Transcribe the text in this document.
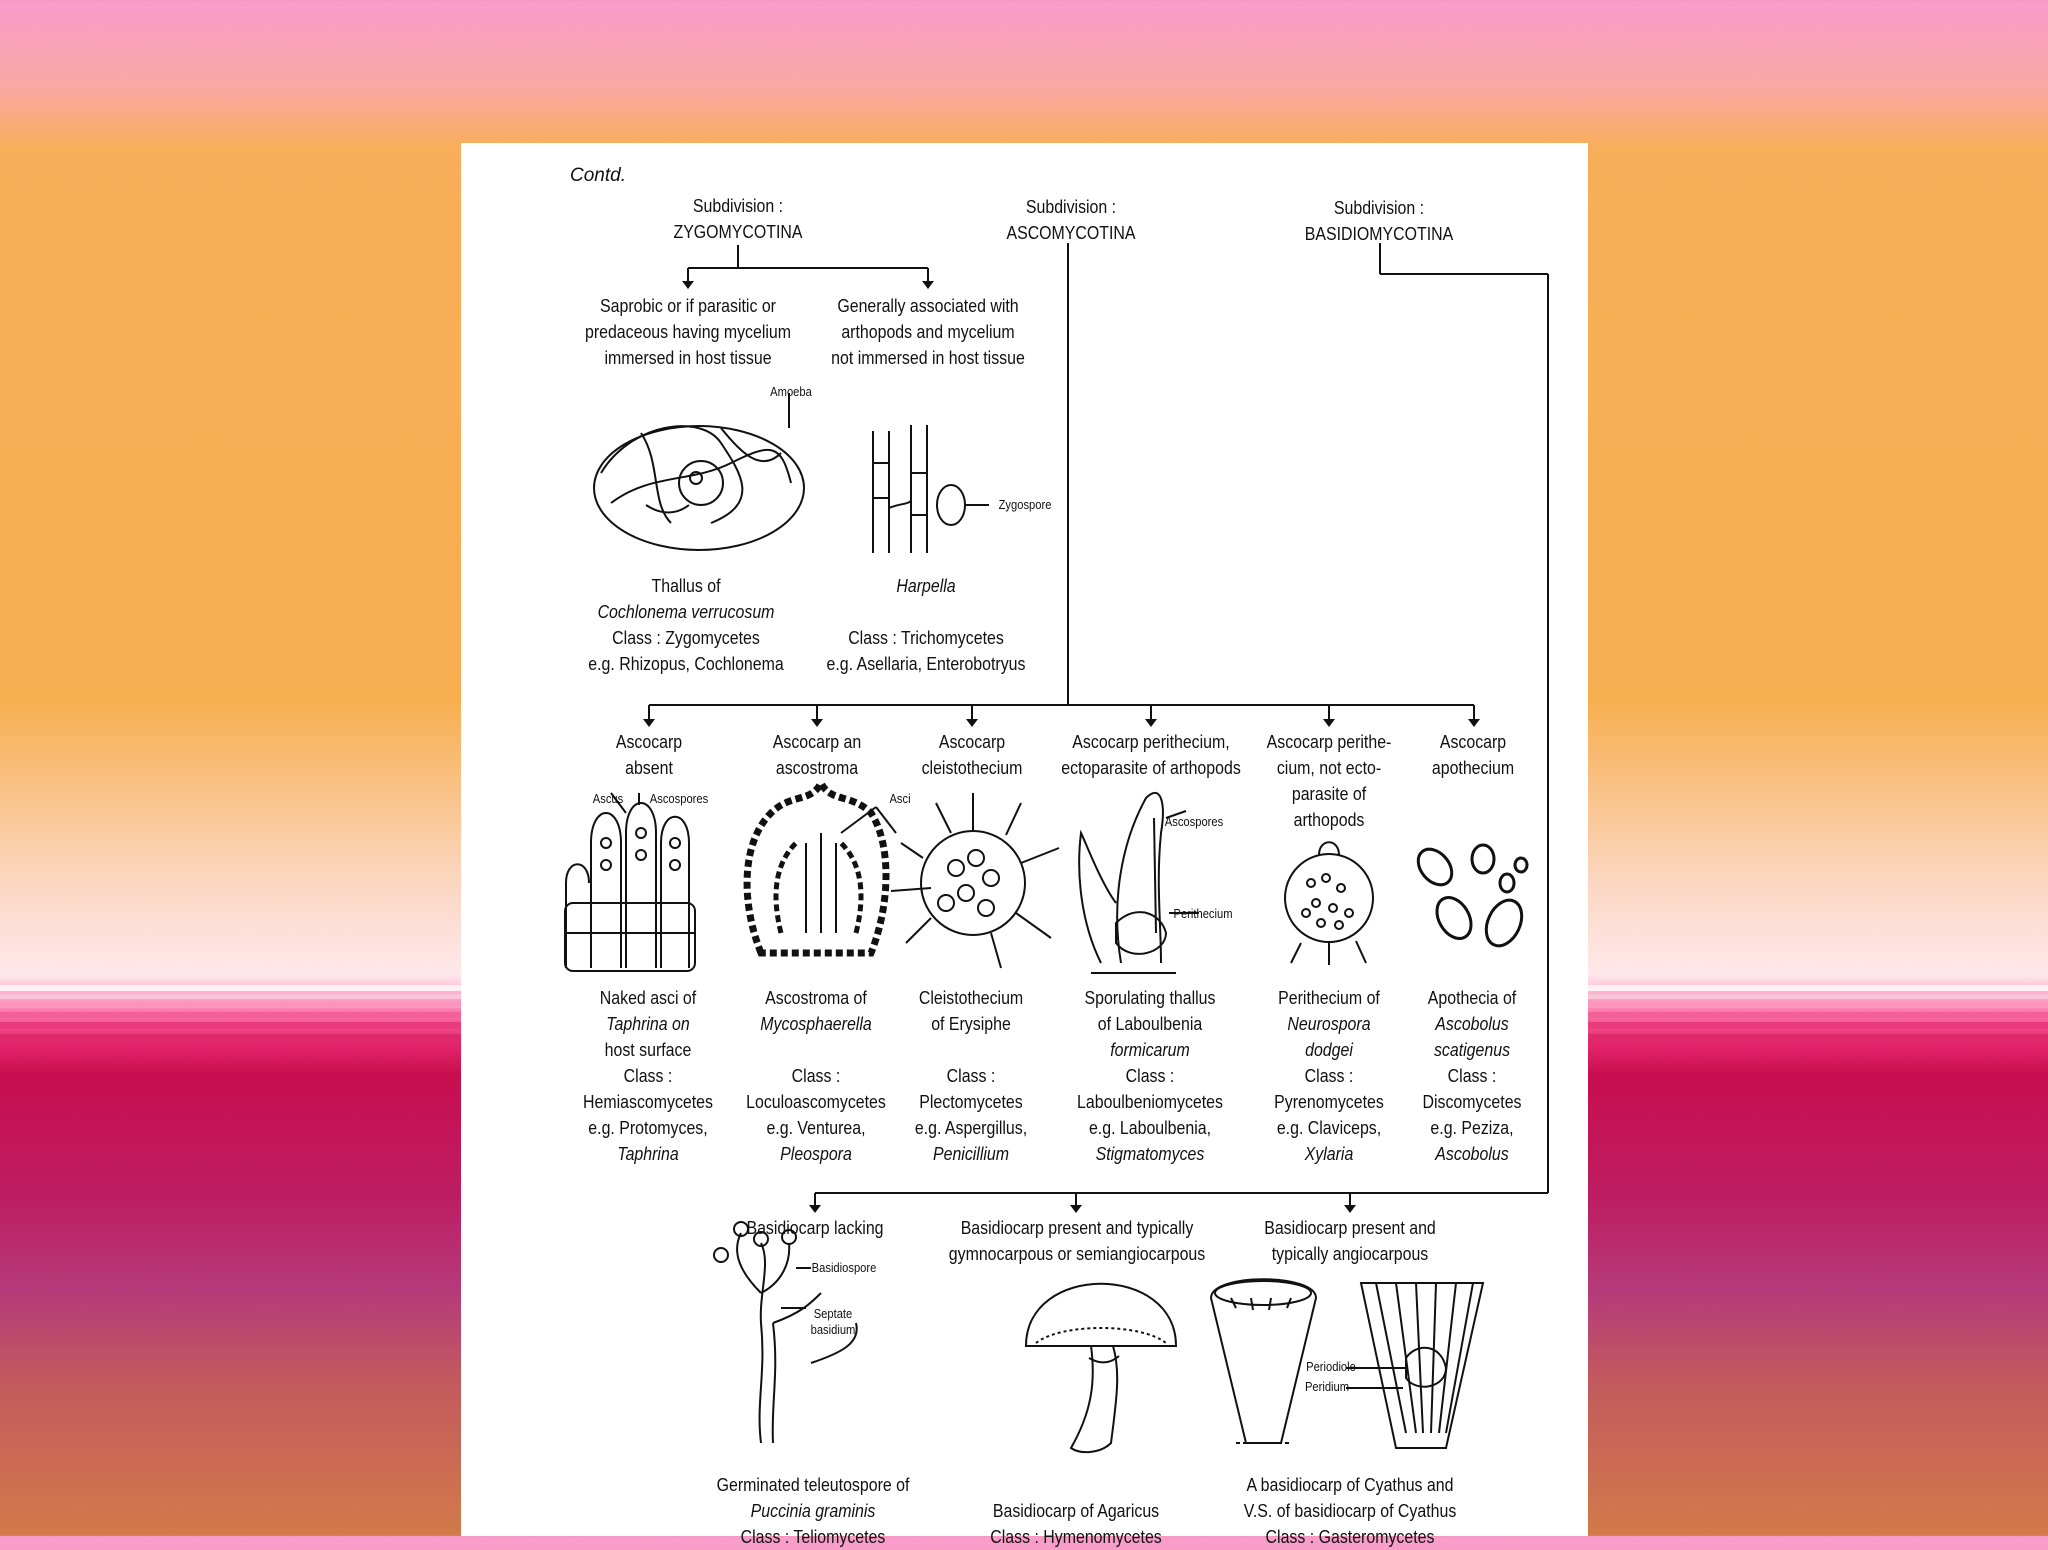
Contd.
Subdivision :
ZYGOMYCOTINA
Subdivision :
ASCOMYCOTINA
Subdivision :
BASIDIOMYCOTINA
Saprobic or if parasitic or
predaceous having mycelium
immersed in host tissue
Generally associated with
arthopods and mycelium
not immersed in host tissue
Amoeba
Zygospore
Thallus of
Cochlonema verrucosum
Class : Zygomycetes
e.g. Rhizopus, Cochlonema
Harpella

Class : Trichomycetes
e.g. Asellaria, Enterobotryus
Ascocarp
absent
Ascocarp an
ascostroma
Ascocarp
cleistothecium
Ascocarp perithecium,
ectoparasite of arthopods
Ascocarp perithe-
cium, not ecto-
parasite of
arthopods
Ascocarp
apothecium
Ascus Ascospores	Asci
Ascospores
Perithecium
Naked asci of
Taphrina on
host surface
Class :
Hemiascomycetes
e.g. Protomyces,
Taphrina
Ascostroma of
Mycosphaerella

Class :
Loculoascomycetes
e.g. Venturea,
Pleospora
Cleistothecium
of Erysiphe

Class :
Plectomycetes
e.g. Aspergillus,
Penicillium
Sporulating thallus
of Laboulbenia
formicarum
Class :
Laboulbeniomycetes
e.g. Laboulbenia,
Stigmatomyces
Perithecium of
Neurospora
dodgei
Class :
Pyrenomycetes
e.g. Claviceps,
Xylaria
Apothecia of
Ascobolus
scatigenus
Class :
Discomycetes
e.g. Peziza,
Ascobolus
Basidiocarp lacking	Basidiocarp present and typically
gymnocarpous or semiangiocarpous
Basidiocarp present and
typically angiocarpous
Basidiospore
Septate
basidium
Periodiole
Peridium
Germinated teleutospore of
Puccinia graminis
Class : Teliomycetes
Basidiocarp of Agaricus
Class : Hymenomycetes
A basidiocarp of Cyathus and
V.S. of basidiocarp of Cyathus
Class : Gasteromycetes
